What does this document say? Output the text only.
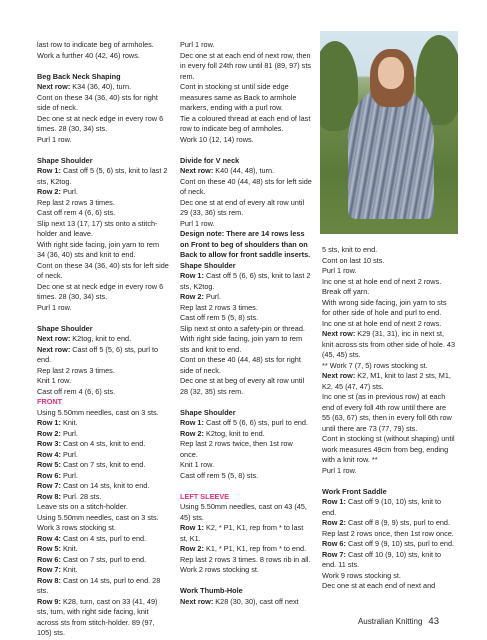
last row to indicate beg of armholes. Work a further 40 (42, 46) rows.

Beg Back Neck Shaping

Next row: K34 (36, 40), turn.

Cont on these 34 (36, 40) sts for right side of neck.

Dec one st at neck edge in every row 6 times. 28 (30, 34) sts.

Purl 1 row.

Shape Shoulder

Row 1: Cast off 5 (5, 6) sts, knit to last 2 sts, K2tog.

Row 2: Purl.

Rep last 2 rows 3 times.

Cast off rem 4 (6, 6) sts.

Slip next 13 (17, 17) sts onto a stitch-holder and leave.

With right side facing, join yarn to rem 34 (36, 40) sts and knit to end.

Cont on these 34 (36, 40) sts for left side of neck.

Dec one st at neck edge in every row 6 times. 28 (30, 34) sts.

Purl 1 row.

Shape Shoulder

Next row: K2tog, knit to end.

Next row: Cast off 5 (5, 6) sts, purl to end.

Rep last 2 rows 3 times.

Knit 1 row.

Cast off rem 4 (6, 6) sts.

FRONT

Using 5.50mm needles, cast on 3 sts.

Row 1: Knit.

Row 2: Purl.

Row 3: Cast on 4 sts, knit to end.

Row 4: Purl.

Row 5: Cast on 7 sts, knit to end.

Row 6: Purl.

Row 7: Cast on 14 sts, knit to end.

Row 8: Purl. 28 sts.

Leave sts on a stitch-holder.

Using 5.50mm needles, cast on 3 sts.

Work 3 rows stocking st.

Row 4: Cast on 4 sts, purl to end.

Row 5: Knit.

Row 6: Cast on 7 sts, purl to end.

Row 7: Knit.

Row 8: Cast on 14 sts, purl to end. 28 sts.

Row 9: K28, turn, cast on 33 (41, 49) sts, turn, with right side facing, knit across sts from stitch-holder. 89 (97, 105) sts.

Purl 1 row.

Dec one st at each end of next row, then in every foll 24th row until 81 (89, 97) sts rem.

Cont in stocking st until side edge measures same as Back to armhole markers, ending with a purl row.

Tie a coloured thread at each end of last row to indicate beg of armholes.

Work 10 (12, 14) rows.

Divide for V neck

Next row: K40 (44, 48), turn.

Cont on these 40 (44, 48) sts for left side of neck.

Dec one st at end of every alt row until 29 (33, 36) sts rem.

Purl 1 row.

Design note: There are 14 rows less on Front to beg of shoulders than on Back to allow for front saddle inserts.

Shape Shoulder

Row 1: Cast off 5 (6, 6) sts, knit to last 2 sts, K2tog.

Row 2: Purl.

Rep last 2 rows 3 times.

Cast off rem 5 (5, 8) sts.

Slip next st onto a safety-pin or thread.

With right side facing, join yarn to rem sts and knit to end.

Cont on these 40 (44, 48) sts for right side of neck.

Dec one st at beg of every alt row until 28 (32, 35) sts rem.

Shape Shoulder

Row 1: Cast off 5 (6, 6) sts, purl to end.

Row 2: K2tog, knit to end.

Rep last 2 rows twice, then 1st row once.

Knit 1 row.

Cast off rem 5 (5, 8) sts.

LEFT SLEEVE

Using 5.50mm needles, cast on 43 (45, 45) sts.

Row 1: K2, * P1, K1, rep from * to last st, K1.

Row 2: K1, * P1, K1, rep from * to end.

Rep last 2 rows 3 times. 8 rows rib in all.

Work 2 rows stocking st.

Work Thumb-Hole

Next row: K28 (30, 30), cast off next

5 sts, knit to end.

Cont on last 10 sts.

Purl 1 row.

Inc one st at hole end of next 2 rows.

Break off yarn.

With wrong side facing, join yarn to sts for other side of hole and purl to end.

Inc one st at hole end of next 2 rows.

Next row: K29 (31, 31), inc in next st, knit across sts from other side of hole. 43 (45, 45) sts.

** Work 7 (7, 5) rows stocking st.

Next row: K2, M1, knit to last 2 sts, M1, K2. 45 (47, 47) sts.

Inc one st (as in previous row) at each end of every foll 4th row until there are 55 (63, 67) sts, then in every foll 6th row until there are 73 (77, 79) sts.

Cont in stocking st (without shaping) until work measures 49cm from beg, ending with a knit row. **

Purl 1 row.

Work Front Saddle

Row 1: Cast off 9 (10, 10) sts, knit to end.

Row 2: Cast off 8 (9, 9) sts, purl to end.

Rep last 2 rows once, then 1st row once.

Row 6: Cast off 9 (9, 10) sts, purl to end.

Row 7: Cast off 10 (9, 10) sts, knit to end. 11 sts.

Work 9 rows stocking st.

Dec one st at each end of next and

Australian Knitting 43
